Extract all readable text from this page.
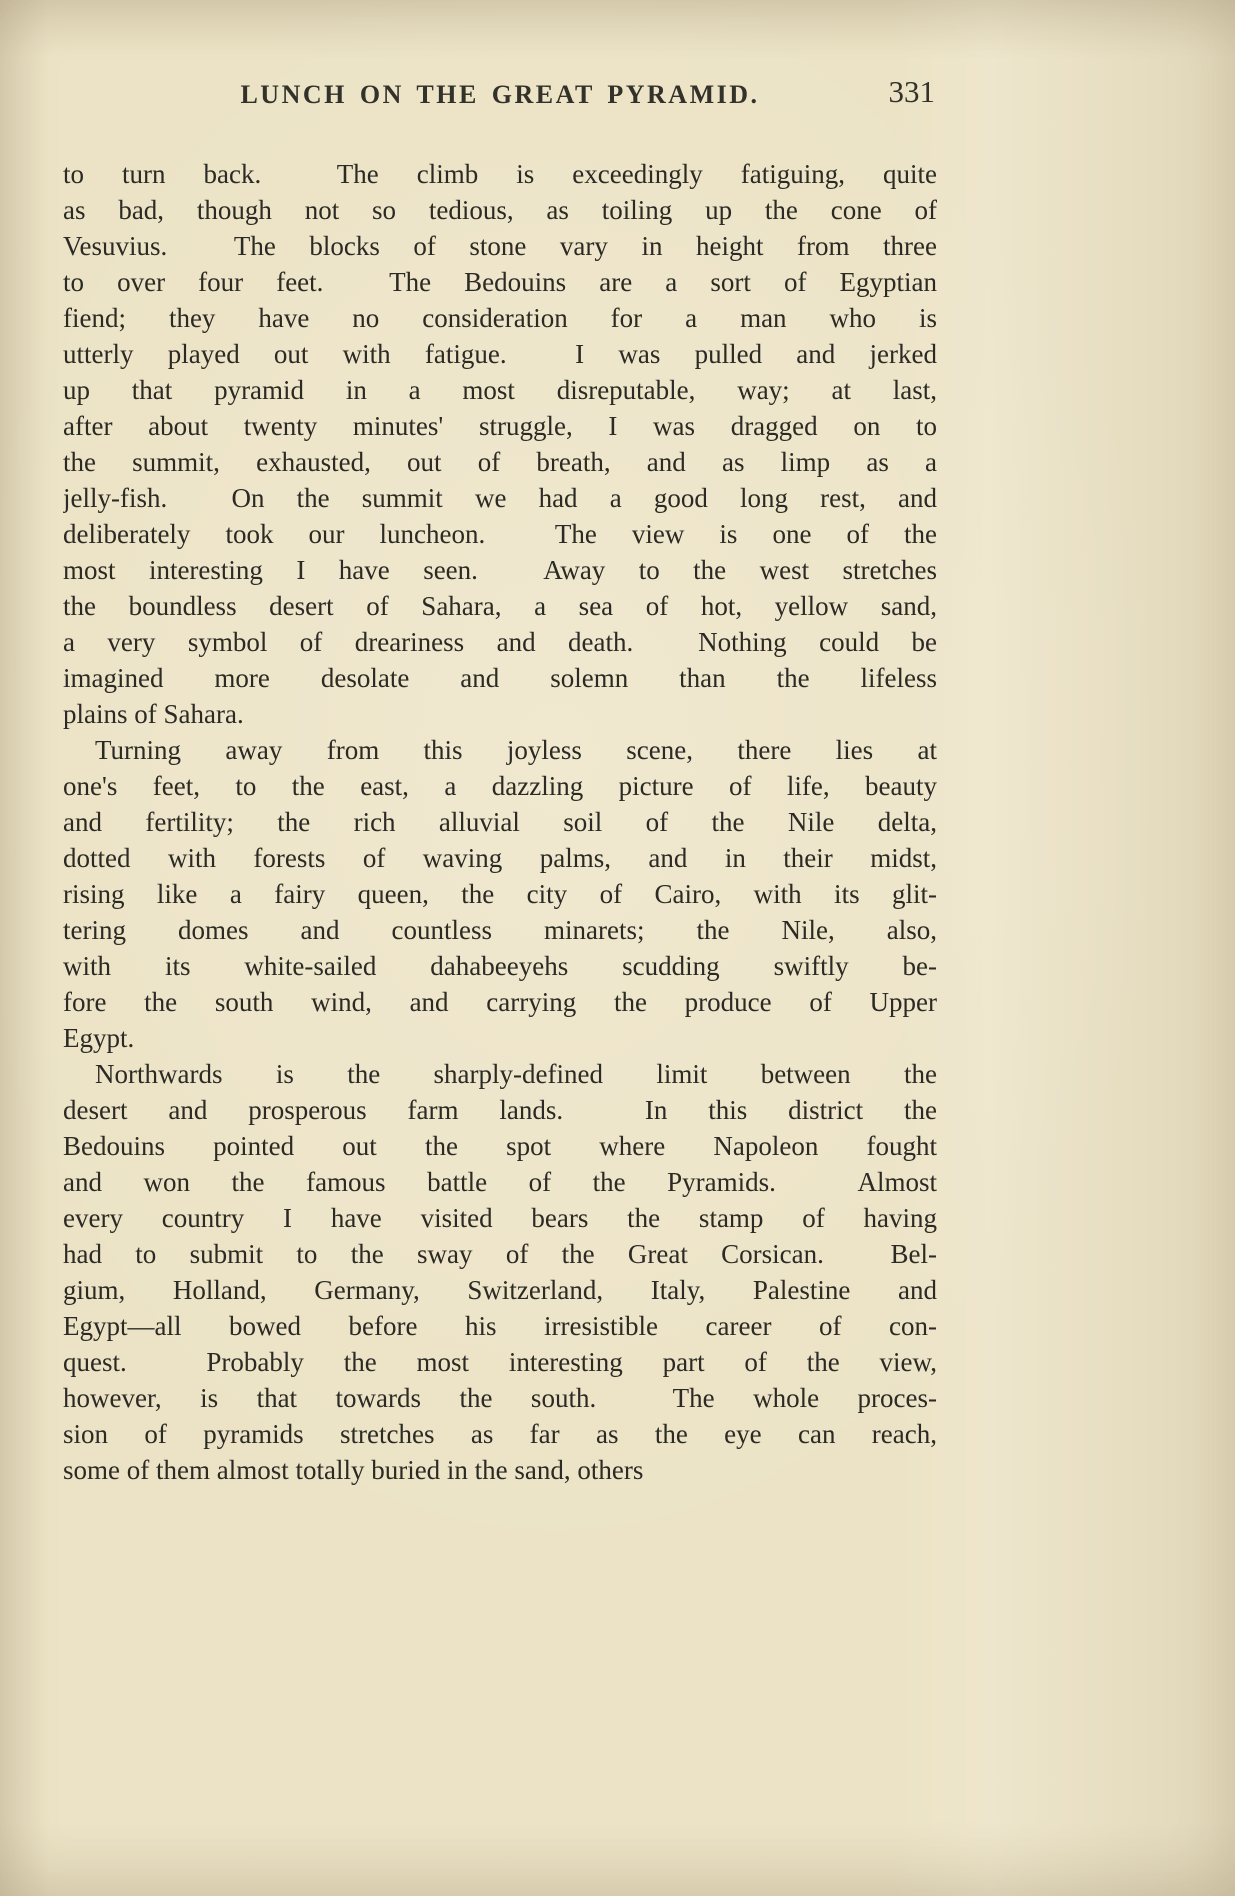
LUNCH ON THE GREAT PYRAMID.	331
to turn back.  The climb is exceedingly fatiguing, quite
as bad, though not so tedious, as toiling up the cone of
Vesuvius.  The blocks of stone vary in height from three
to over four feet.  The Bedouins are a sort of Egyptian
fiend; they have no consideration for a man who is
utterly played out with fatigue.  I was pulled and jerked
up that pyramid in a most disreputable, way; at last,
after about twenty minutes' struggle, I was dragged on to
the summit, exhausted, out of breath, and as limp as a
jelly-fish.  On the summit we had a good long rest, and
deliberately took our luncheon.  The view is one of the
most interesting I have seen.  Away to the west stretches
the boundless desert of Sahara, a sea of hot, yellow sand,
a very symbol of dreariness and death.  Nothing could be
imagined more desolate and solemn than the lifeless
plains of Sahara.
Turning away from this joyless scene, there lies at
one's feet, to the east, a dazzling picture of life, beauty
and fertility; the rich alluvial soil of the Nile delta,
dotted with forests of waving palms, and in their midst,
rising like a fairy queen, the city of Cairo, with its glit-
tering domes and countless minarets; the Nile, also,
with its white-sailed dahabeeyehs scudding swiftly be-
fore the south wind, and carrying the produce of Upper
Egypt.
Northwards is the sharply-defined limit between the
desert and prosperous farm lands.  In this district the
Bedouins pointed out the spot where Napoleon fought
and won the famous battle of the Pyramids.  Almost
every country I have visited bears the stamp of having
had to submit to the sway of the Great Corsican.  Bel-
gium, Holland, Germany, Switzerland, Italy, Palestine and
Egypt—all bowed before his irresistible career of con-
quest.  Probably the most interesting part of the view,
however, is that towards the south.  The whole proces-
sion of pyramids stretches as far as the eye can reach,
some of them almost totally buried in the sand, others
